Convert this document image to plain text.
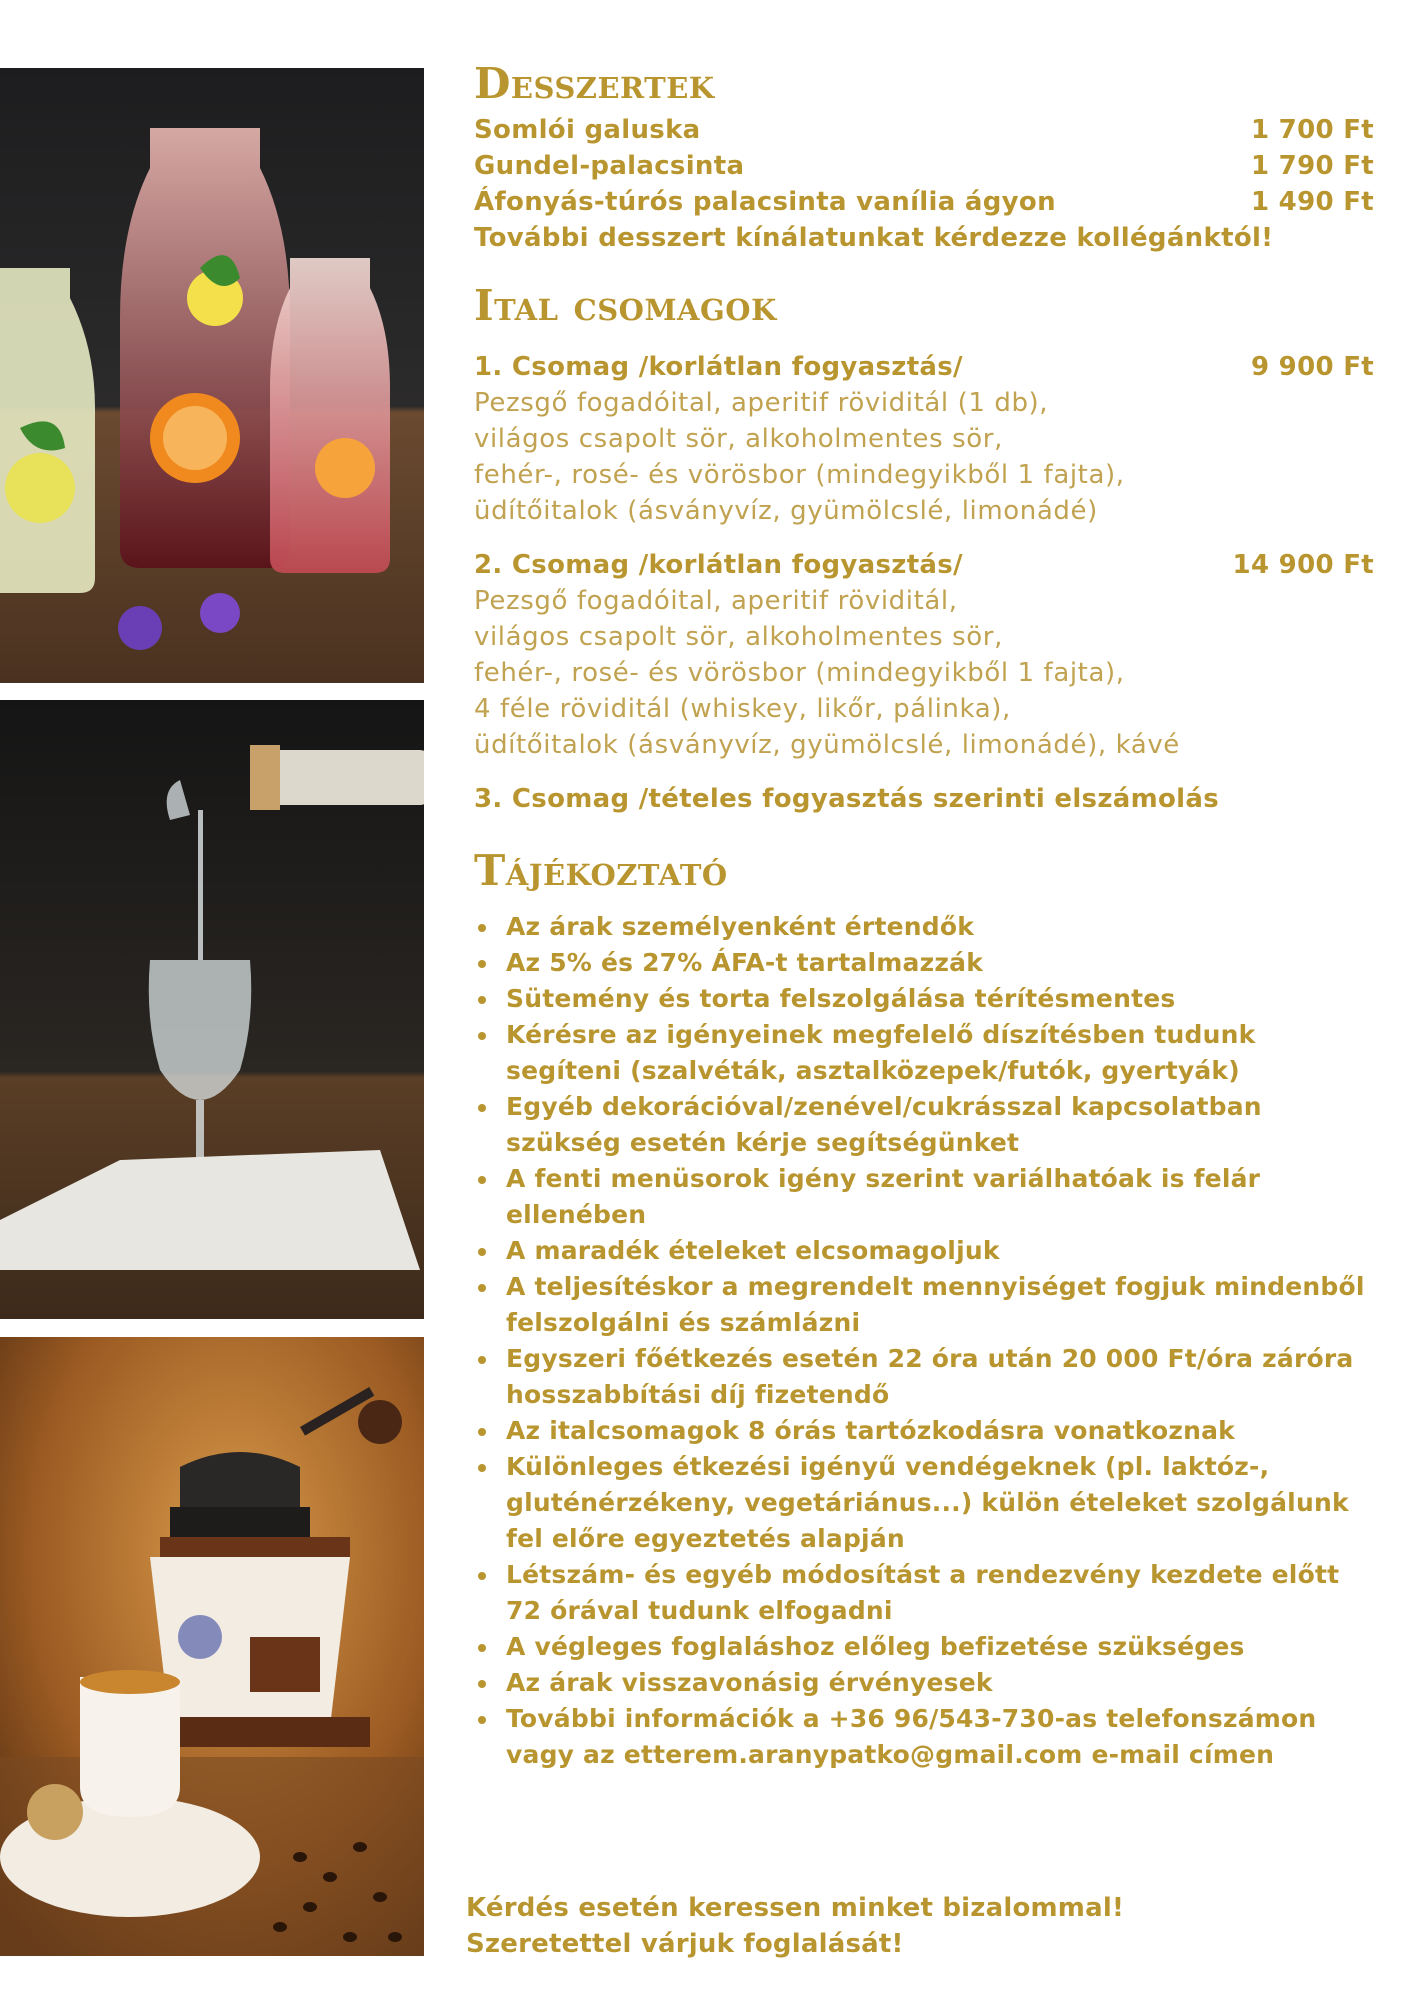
Desszertek
Somlói galuska	1 700 Ft
Gundel-palacsinta	1 790 Ft
Áfonyás-túrós palacsinta vanília ágyon	1 490 Ft
További desszert kínálatunkat kérdezze kollégánktól!
Ital csomagok
1. Csomag /korlátlan fogyasztás/	9 900 Ft
Pezsgő fogadóital, aperitif röviditál (1 db),
világos csapolt sör, alkoholmentes sör,
fehér-, rosé- és vörösbor (mindegyikből 1 fajta),
üdítőitalok (ásványvíz, gyümölcslé, limonádé)
2. Csomag /korlátlan fogyasztás/	14 900 Ft
Pezsgő fogadóital, aperitif röviditál,
világos csapolt sör, alkoholmentes sör,
fehér-, rosé- és vörösbor (mindegyikből 1 fajta),
4 féle röviditál (whiskey, likőr, pálinka),
üdítőitalok (ásványvíz, gyümölcslé, limonádé), kávé
3. Csomag /tételes fogyasztás szerinti elszámolás
Tájékoztató
Az árak személyenként értendők
Az 5% és 27% ÁFA-t tartalmazzák
Sütemény és torta felszolgálása térítésmentes
Kérésre az igényeinek megfelelő díszítésben tudunk segíteni (szalvéták, asztalközepek/futók, gyertyák)
Egyéb dekorációval/zenével/cukrásszal kapcsolatban szükség esetén kérje segítségünket
A fenti menüsorok igény szerint variálhatóak is felár ellenében
A maradék ételeket elcsomagoljuk
A teljesítéskor a megrendelt mennyiséget fogjuk mindenből felszolgálni és számlázni
Egyszeri főétkezés esetén 22 óra után 20 000 Ft/óra záróra hosszabbítási díj fizetendő
Az italcsomagok 8 órás tartózkodásra vonatkoznak
Különleges étkezési igényű vendégeknek (pl. laktóz-, gluténérzékeny, vegetáriánus...) külön ételeket szolgálunk fel előre egyeztetés alapján
Létszám- és egyéb módosítást a rendezvény kezdete előtt 72 órával tudunk elfogadni
A végleges foglaláshoz előleg befizetése szükséges
Az árak visszavonásig érvényesek
További információk a +36 96/543-730-as telefonszámon vagy az etterem.aranypatko@gmail.com e-mail címen
Kérdés esetén keressen minket bizalommal!
Szeretettel várjuk foglalását!
